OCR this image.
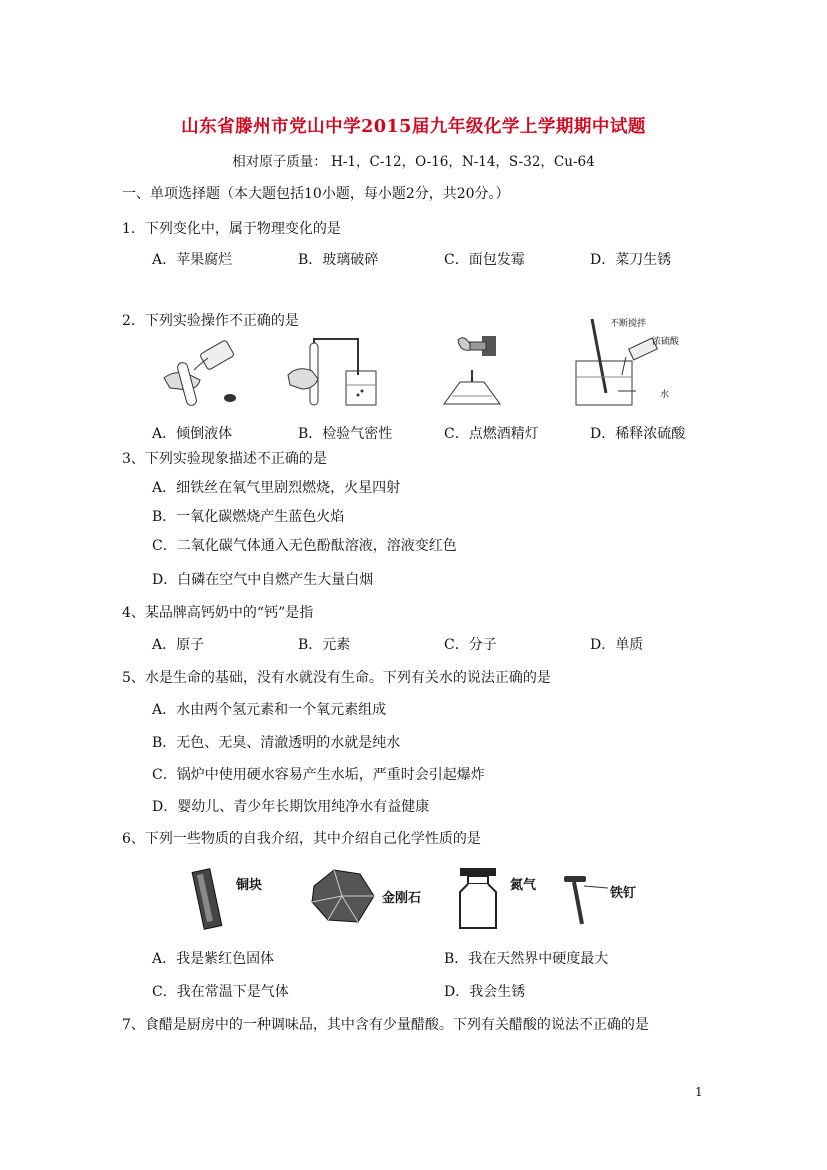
山东省滕州市党山中学2015届九年级化学上学期期中试题
相对原子质量： H-1，C-12，O-16，N-14，S-32，Cu-64
一、单项选择题（本大题包括10小题，每小题2分，共20分。）
1．下列变化中，属于物理变化的是
A．苹果腐烂	B．玻璃破碎	C．面包发霉	D．菜刀生锈
2．下列实验操作不正确的是	不断搅拌
浓硫酸
水
A．倾倒液体	B．检验气密性	C．点燃酒精灯	D．稀释浓硫酸
3、下列实验现象描述不正确的是
A．细铁丝在氧气里剧烈燃烧，火星四射
B．一氧化碳燃烧产生蓝色火焰
C．二氧化碳气体通入无色酚酞溶液，溶液变红色
D．白磷在空气中自燃产生大量白烟
4、某品牌高钙奶中的“钙”是指
A．原子	B．元素	C．分子	D．单质
5、水是生命的基础，没有水就没有生命。下列有关水的说法正确的是
A．水由两个氢元素和一个氧元素组成
B．无色、无臭、清澈透明的水就是纯水
C．锅炉中使用硬水容易产生水垢，严重时会引起爆炸
D．婴幼儿、青少年长期饮用纯净水有益健康
6、下列一些物质的自我介绍，其中介绍自己化学性质的是
铜块
金刚石
氮气
铁钉
A．我是紫红色固体	B．我在天然界中硬度最大
C．我在常温下是气体	D．我会生锈
7、食醋是厨房中的一种调味品，其中含有少量醋酸。下列有关醋酸的说法不正确的是
1
